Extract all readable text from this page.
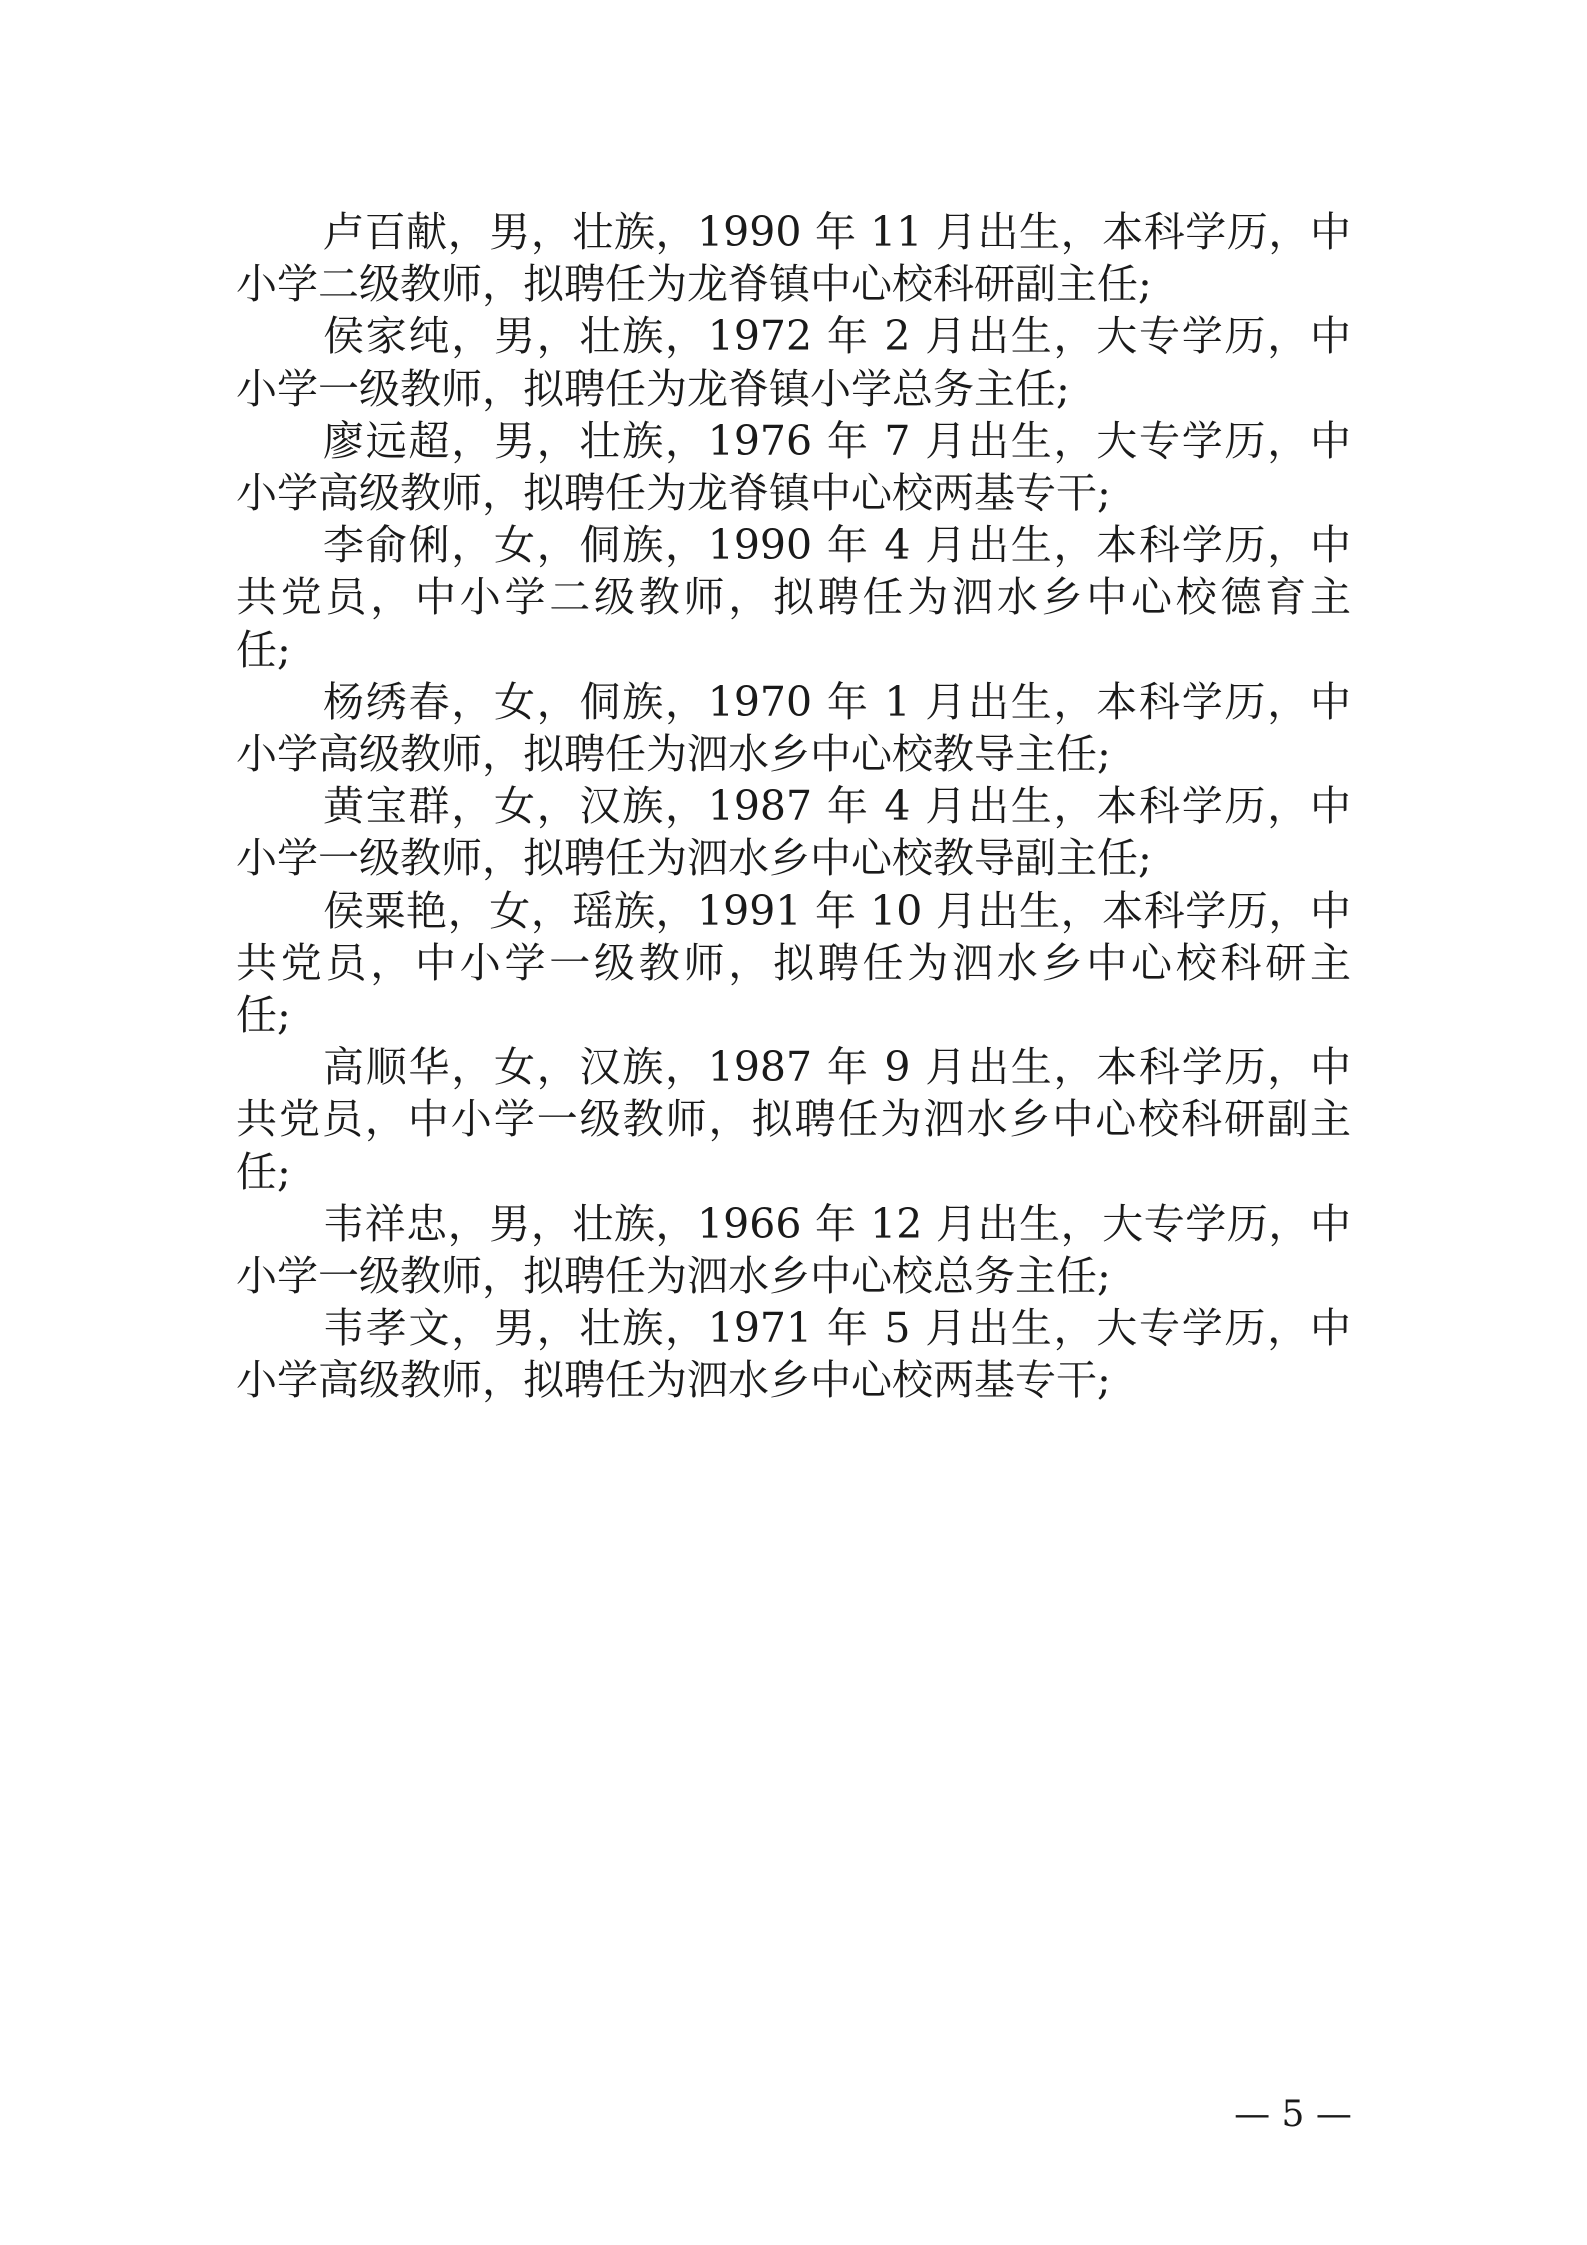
卢百献，男，壮族，1990 年 11 月出生，本科学历，中
小学二级教师，拟聘任为龙脊镇中心校科研副主任;
侯家纯，男，壮族，1972 年 2 月出生，大专学历，中
小学一级教师，拟聘任为龙脊镇小学总务主任;
廖远超，男，壮族，1976 年 7 月出生，大专学历，中
小学高级教师，拟聘任为龙脊镇中心校两基专干;
李俞俐，女，侗族，1990 年 4 月出生，本科学历，中
共党员，中小学二级教师，拟聘任为泗水乡中心校德育主
任;
杨绣春，女，侗族，1970 年 1 月出生，本科学历，中
小学高级教师，拟聘任为泗水乡中心校教导主任;
黄宝群，女，汉族，1987 年 4 月出生，本科学历，中
小学一级教师，拟聘任为泗水乡中心校教导副主任;
侯粟艳，女，瑶族，1991 年 10 月出生，本科学历，中
共党员，中小学一级教师，拟聘任为泗水乡中心校科研主
任;
高顺华，女，汉族，1987 年 9 月出生，本科学历，中
共党员，中小学一级教师，拟聘任为泗水乡中心校科研副主
任;
韦祥忠，男，壮族，1966 年 12 月出生，大专学历，中
小学一级教师，拟聘任为泗水乡中心校总务主任;
韦孝文，男，壮族，1971 年 5 月出生，大专学历，中
小学高级教师，拟聘任为泗水乡中心校两基专干;
— 5 —
